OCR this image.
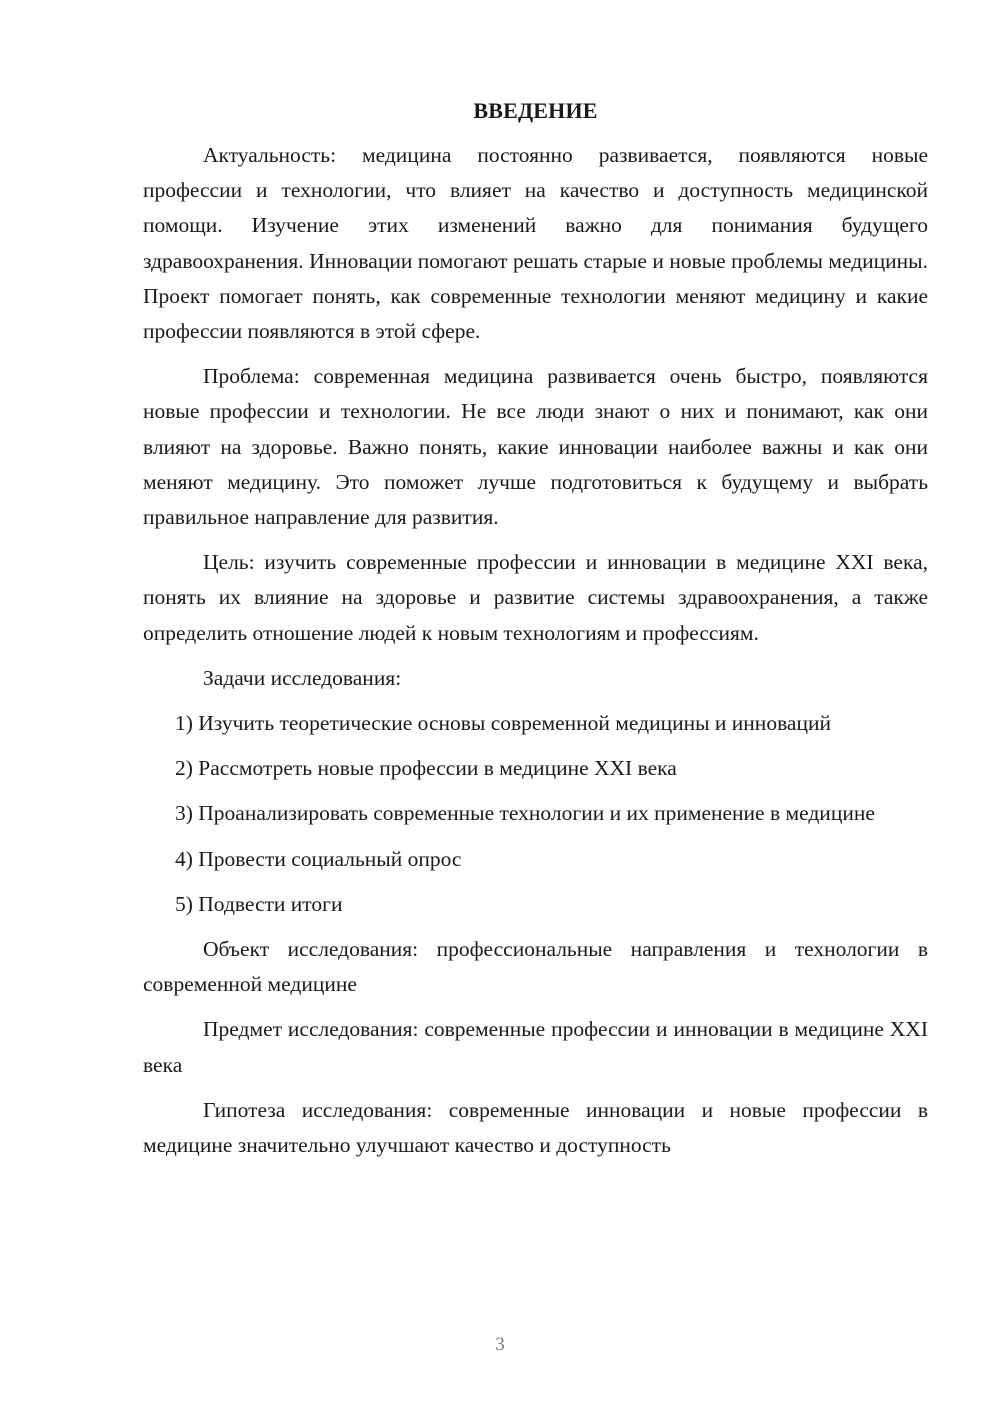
ВВЕДЕНИЕ
Актуальность: медицина постоянно развивается, появляются новые профессии и технологии, что влияет на качество и доступность медицинской помощи. Изучение этих изменений важно для понимания будущего здравоохранения. Инновации помогают решать старые и новые проблемы медицины. Проект помогает понять, как современные технологии меняют медицину и какие профессии появляются в этой сфере.
Проблема: современная медицина развивается очень быстро, появляются новые профессии и технологии. Не все люди знают о них и понимают, как они влияют на здоровье. Важно понять, какие инновации наиболее важны и как они меняют медицину. Это поможет лучше подготовиться к будущему и выбрать правильное направление для развития.
Цель: изучить современные профессии и инновации в медицине XXI века, понять их влияние на здоровье и развитие системы здравоохранения, а также определить отношение людей к новым технологиям и профессиям.
Задачи исследования:
1) Изучить теоретические основы современной медицины и инноваций
2) Рассмотреть новые профессии в медицине XXI века
3) Проанализировать современные технологии и их применение в медицине
4) Провести социальный опрос
5) Подвести итоги
Объект исследования: профессиональные направления и технологии в современной медицине
Предмет исследования: современные профессии и инновации в медицине XXI века
Гипотеза исследования: современные инновации и новые профессии в медицине значительно улучшают качество и доступность
3
